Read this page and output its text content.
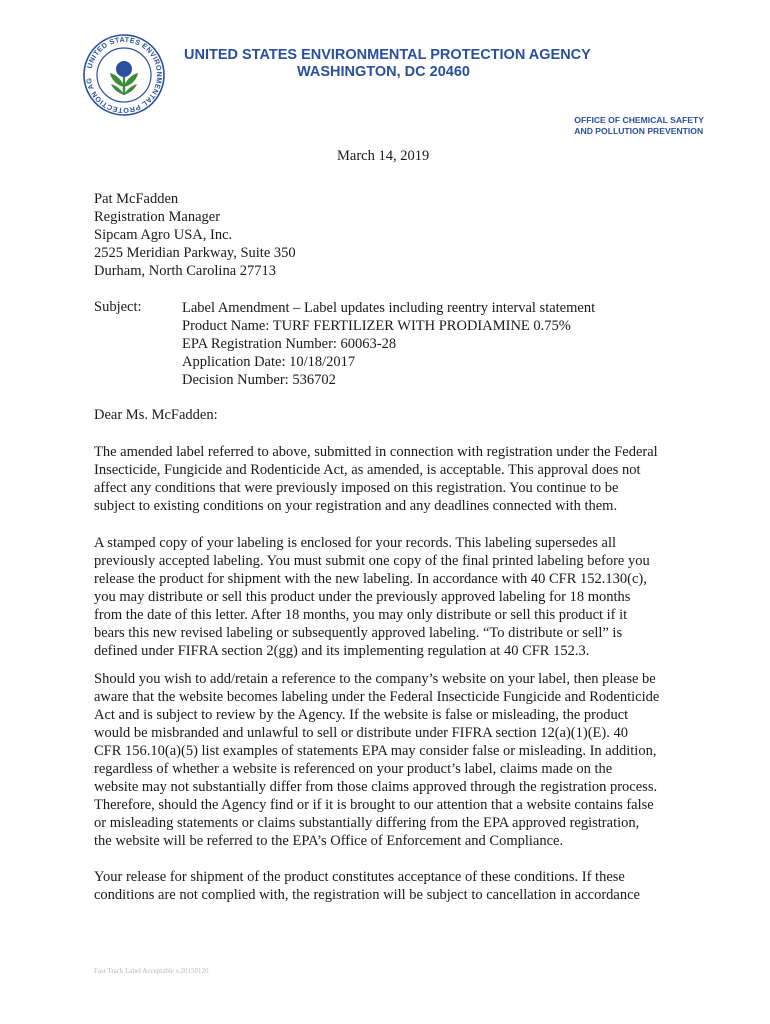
UNITED STATES ENVIRONMENTAL PROTECTION AG
UNITED STATES ENVIRONMENTAL PROTECTION AGENCY
WASHINGTON, DC 20460
OFFICE OF CHEMICAL SAFETY
AND POLLUTION PREVENTION
March 14, 2019
Pat McFadden
Registration Manager
Sipcam Agro USA, Inc.
2525 Meridian Parkway, Suite 350
Durham, North Carolina 27713
Subject:	Label Amendment – Label updates including reentry interval statement
Product Name: TURF FERTILIZER WITH PRODIAMINE 0.75%
EPA Registration Number: 60063-28
Application Date: 10/18/2017
Decision Number: 536702
Dear Ms. McFadden:
The amended label referred to above, submitted in connection with registration under the Federal
Insecticide, Fungicide and Rodenticide Act, as amended, is acceptable. This approval does not
affect any conditions that were previously imposed on this registration. You continue to be
subject to existing conditions on your registration and any deadlines connected with them.
A stamped copy of your labeling is enclosed for your records. This labeling supersedes all
previously accepted labeling. You must submit one copy of the final printed labeling before you
release the product for shipment with the new labeling. In accordance with 40 CFR 152.130(c),
you may distribute or sell this product under the previously approved labeling for 18 months
from the date of this letter. After 18 months, you may only distribute or sell this product if it
bears this new revised labeling or subsequently approved labeling. “To distribute or sell” is
defined under FIFRA section 2(gg) and its implementing regulation at 40 CFR 152.3.
Should you wish to add/retain a reference to the company’s website on your label, then please be
aware that the website becomes labeling under the Federal Insecticide Fungicide and Rodenticide
Act and is subject to review by the Agency. If the website is false or misleading, the product
would be misbranded and unlawful to sell or distribute under FIFRA section 12(a)(1)(E). 40
CFR 156.10(a)(5) list examples of statements EPA may consider false or misleading. In addition,
regardless of whether a website is referenced on your product’s label, claims made on the
website may not substantially differ from those claims approved through the registration process.
Therefore, should the Agency find or if it is brought to our attention that a website contains false
or misleading statements or claims substantially differing from the EPA approved registration,
the website will be referred to the EPA’s Office of Enforcement and Compliance.
Your release for shipment of the product constitutes acceptance of these conditions. If these
conditions are not complied with, the registration will be subject to cancellation in accordance
Fast Track Label Acceptable v.20150120
